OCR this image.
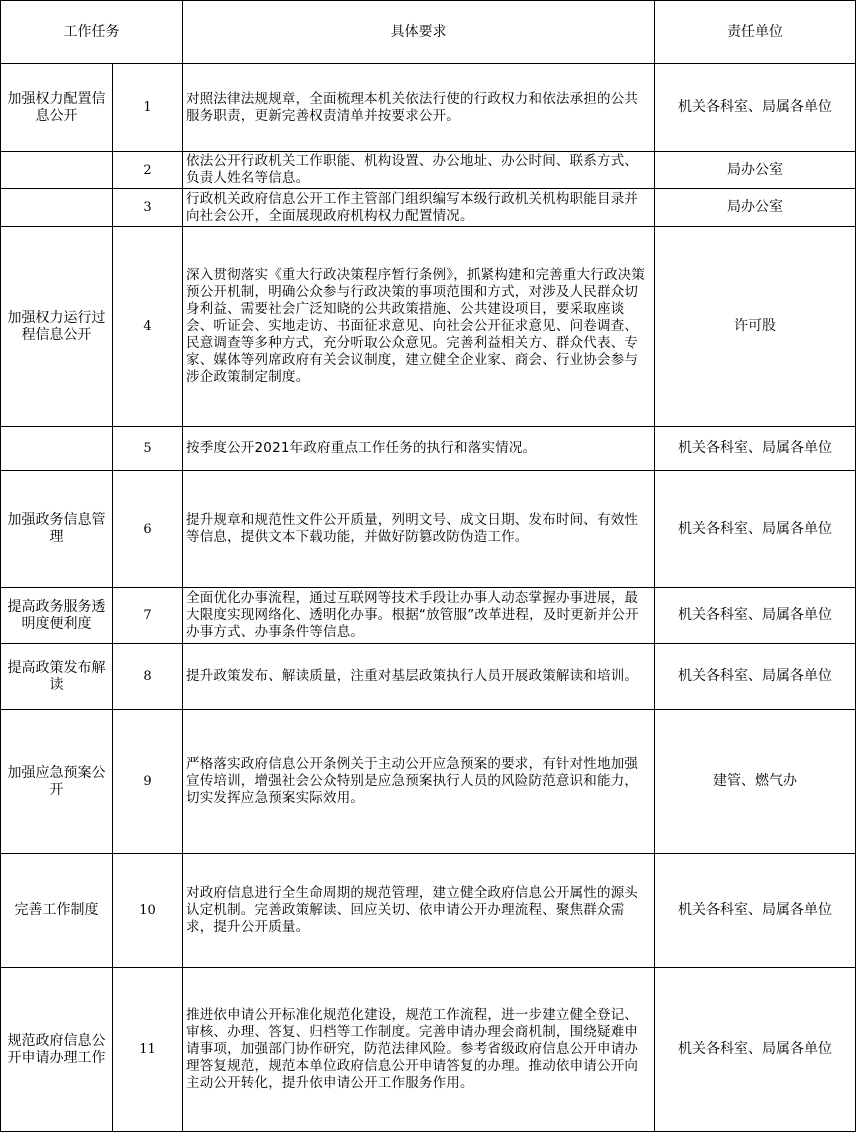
工作任务		具体要求	责任单位
加强权力配置信息公开	1	对照法律法规规章，全面梳理本机关依法行使的行政权力和依法承担的公共服务职责，更新完善权责清单并按要求公开。	机关各科室、局属各单位
	2	依法公开行政机关工作职能、机构设置、办公地址、办公时间、联系方式、负责人姓名等信息。	局办公室
	3	行政机关政府信息公开工作主管部门组织编写本级行政机关机构职能目录并向社会公开，全面展现政府机构权力配置情况。	局办公室
加强权力运行过程信息公开	4	深入贯彻落实《重大行政决策程序暂行条例》，抓紧构建和完善重大行政决策预公开机制，明确公众参与行政决策的事项范围和方式，对涉及人民群众切身利益、需要社会广泛知晓的公共政策措施、公共建设项目，要采取座谈会、听证会、实地走访、书面征求意见、向社会公开征求意见、问卷调查、民意调查等多种方式，充分听取公众意见。完善利益相关方、群众代表、专家、媒体等列席政府有关会议制度，建立健全企业家、商会、行业协会参与涉企政策制定制度。	许可股
	5	按季度公开2021年政府重点工作任务的执行和落实情况。	机关各科室、局属各单位
加强政务信息管理	6	提升规章和规范性文件公开质量，列明文号、成文日期、发布时间、有效性等信息，提供文本下载功能，并做好防篡改防伪造工作。	机关各科室、局属各单位
提高政务服务透明度便利度	7	全面优化办事流程，通过互联网等技术手段让办事人动态掌握办事进展，最大限度实现网络化、透明化办事。根据“放管服”改革进程，及时更新并公开办事方式、办事条件等信息。	机关各科室、局属各单位
提高政策发布解读	8	提升政策发布、解读质量，注重对基层政策执行人员开展政策解读和培训。	机关各科室、局属各单位
加强应急预案公开	9	严格落实政府信息公开条例关于主动公开应急预案的要求，有针对性地加强宣传培训，增强社会公众特别是应急预案执行人员的风险防范意识和能力，切实发挥应急预案实际效用。	建管、燃气办
完善工作制度	10	对政府信息进行全生命周期的规范管理，建立健全政府信息公开属性的源头认定机制。完善政策解读、回应关切、依申请公开办理流程、聚焦群众需求，提升公开质量。	机关各科室、局属各单位
规范政府信息公开申请办理工作	11	推进依申请公开标准化规范化建设，规范工作流程，进一步建立健全登记、审核、办理、答复、归档等工作制度。完善申请办理会商机制，围绕疑难申请事项，加强部门协作研究，防范法律风险。参考省级政府信息公开申请办理答复规范，规范本单位政府信息公开申请答复的办理。推动依申请公开向主动公开转化，提升依申请公开工作服务作用。	机关各科室、局属各单位
